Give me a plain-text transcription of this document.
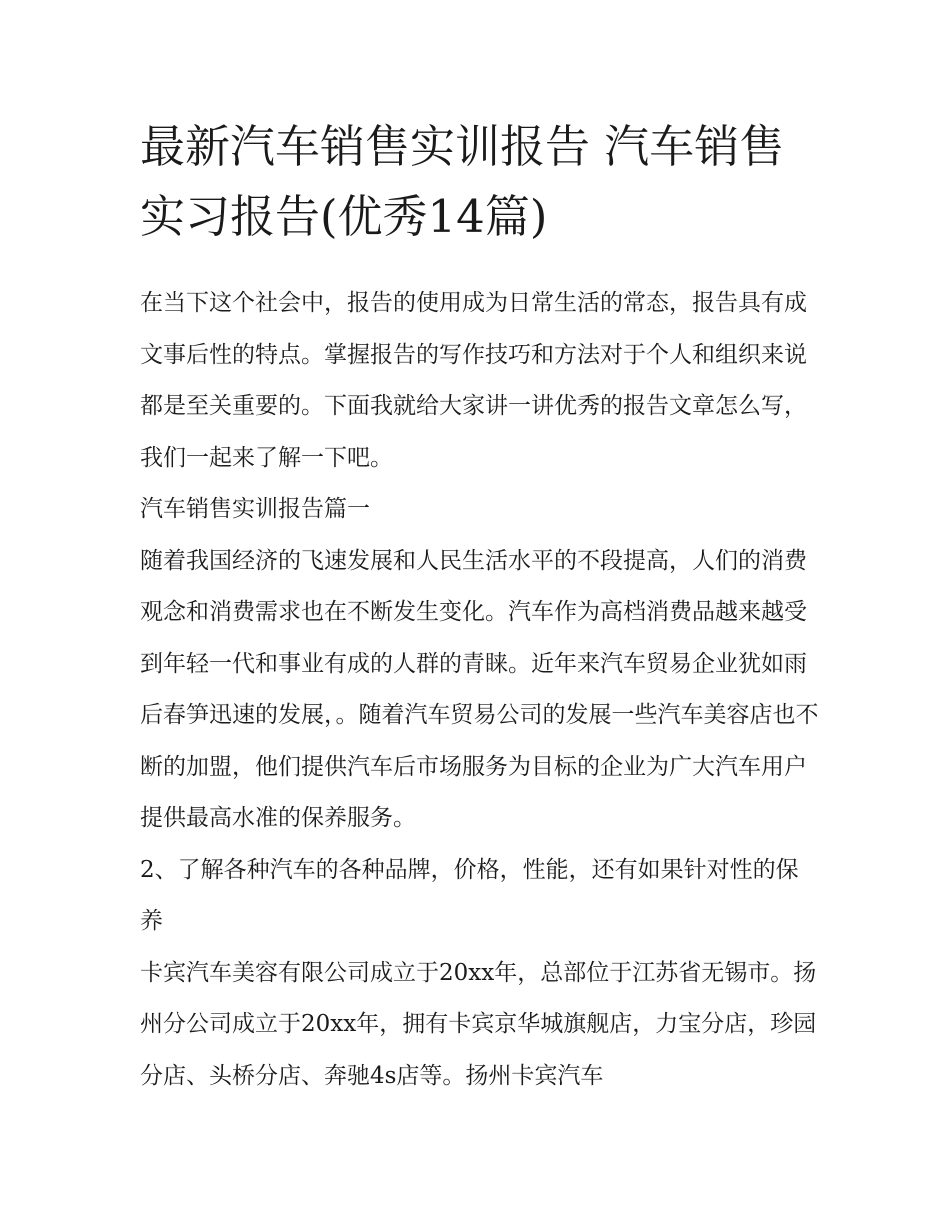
最新汽车销售实训报告 汽车销售实习报告(优秀14篇)

在当下这个社会中，报告的使用成为日常生活的常态，报告具有成文事后性的特点。掌握报告的写作技巧和方法对于个人和组织来说都是至关重要的。下面我就给大家讲一讲优秀的报告文章怎么写，我们一起来了解一下吧。

汽车销售实训报告篇一

随着我国经济的飞速发展和人民生活水平的不段提高，人们的消费观念和消费需求也在不断发生变化。汽车作为高档消费品越来越受到年轻一代和事业有成的人群的青睐。近年来汽车贸易企业犹如雨后春笋迅速的发展，。随着汽车贸易公司的发展一些汽车美容店也不断的加盟，他们提供汽车后市场服务为目标的企业为广大汽车用户提供最高水准的保养服务。

2、了解各种汽车的各种品牌，价格，性能，还有如果针对性的保养

卡宾汽车美容有限公司成立于20xx年，总部位于江苏省无锡市。扬州分公司成立于20xx年，拥有卡宾京华城旗舰店，力宝分店，珍园分店、头桥分店、奔驰4s店等。扬州卡宾汽车
